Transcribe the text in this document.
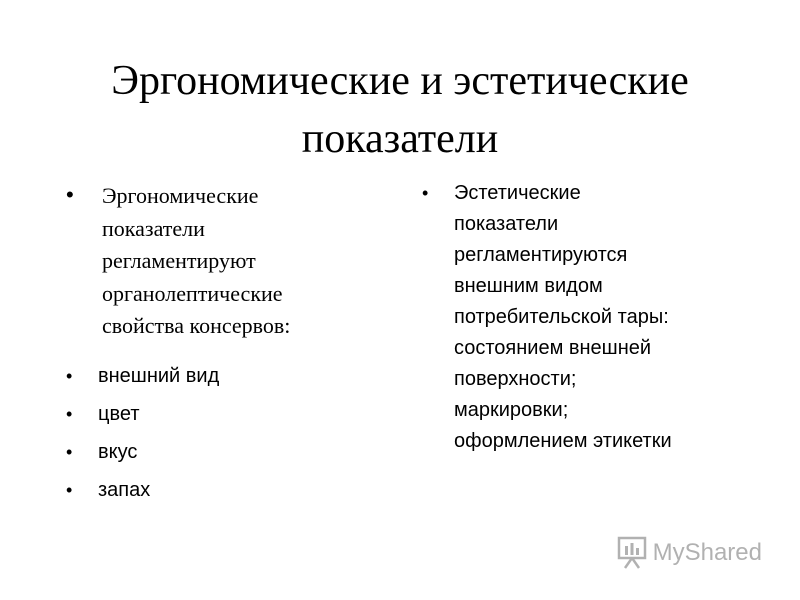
Эргономические и эстетические
показатели
• Эргономические
показатели
регламентируют
органолептические
свойства консервов:
• внешний вид
• цвет
• вкус
• запах
• Эстетические
показатели
регламентируются
внешним видом
потребительской тары:
состоянием внешней
поверхности;
маркировки;
оформлением этикетки
MyShared
